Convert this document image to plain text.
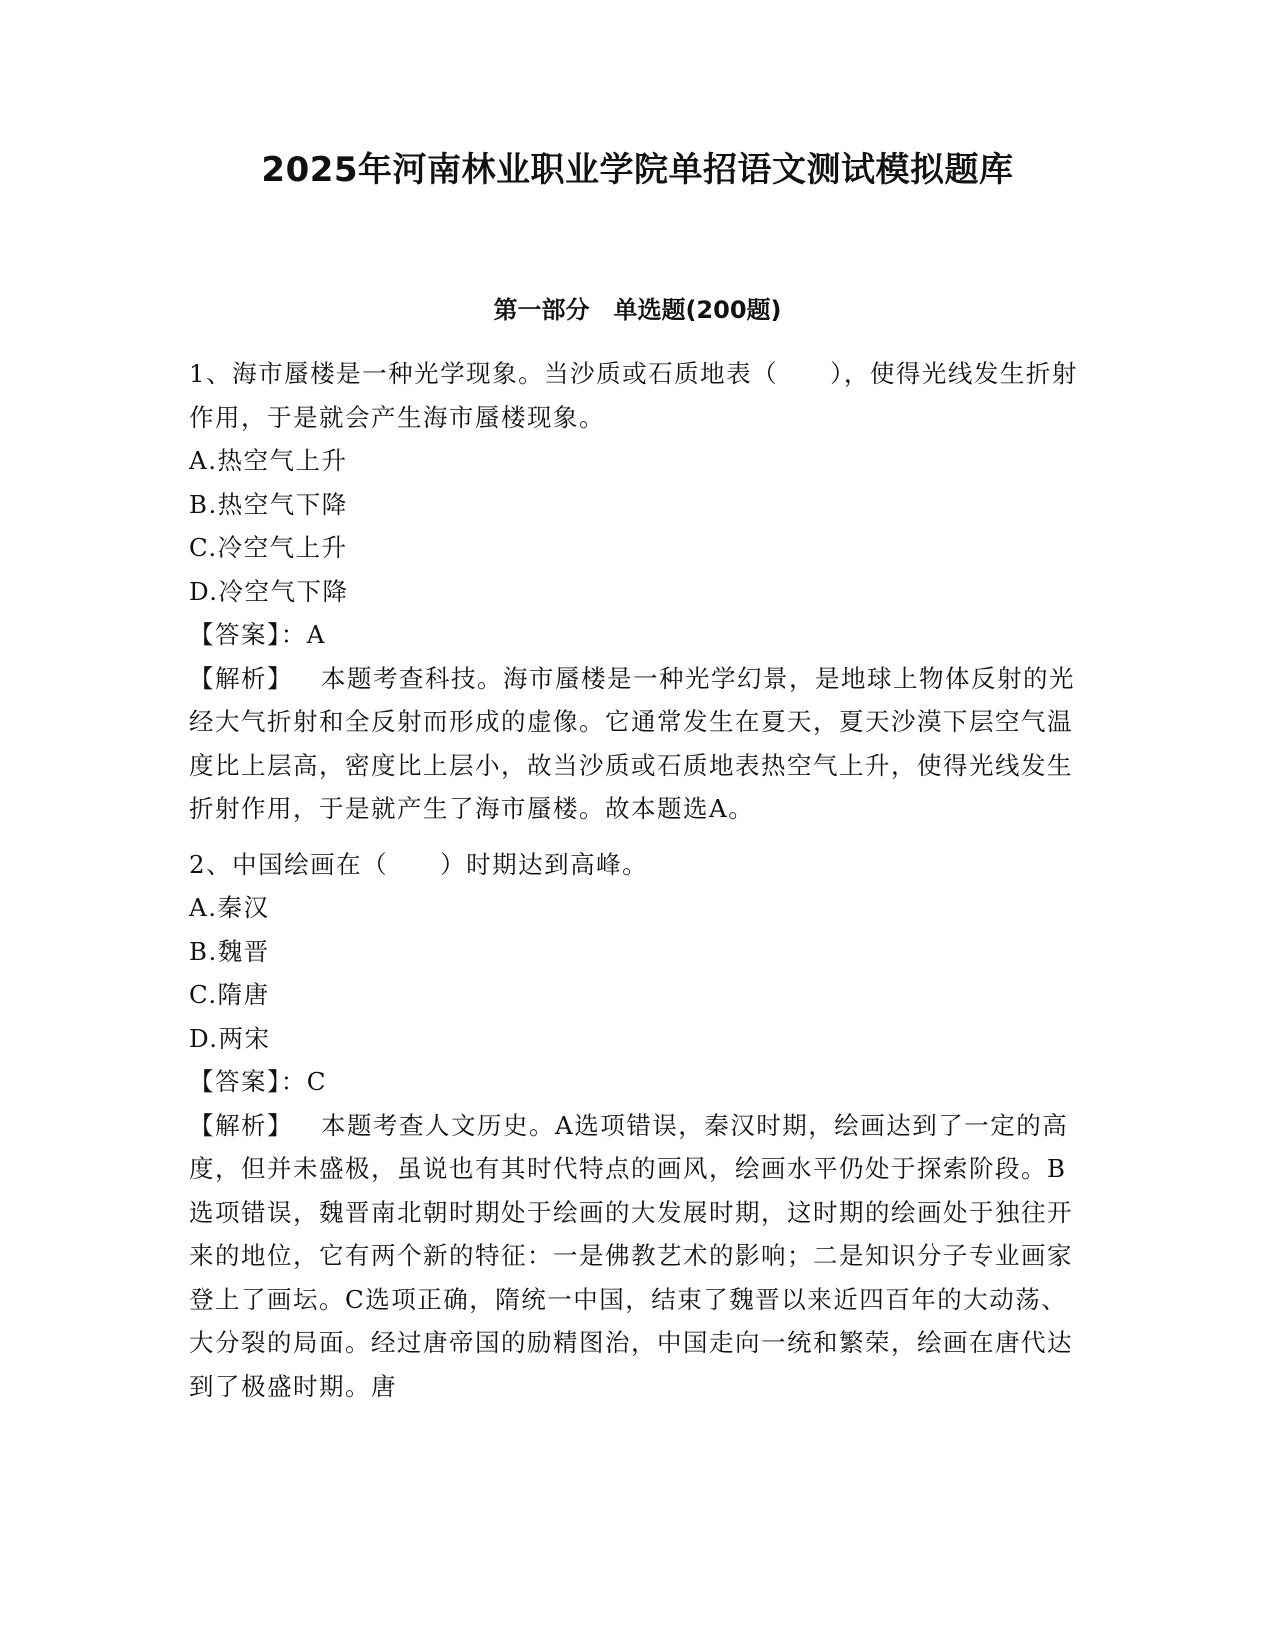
2025年河南林业职业学院单招语文测试模拟题库
第一部分　单选题(200题)

1、海市蜃楼是一种光学现象。当沙质或石质地表（　　），使得光线发生折射作用，于是就会产生海市蜃楼现象。

A.热空气上升

B.热空气下降

C.冷空气上升

D.冷空气下降

【答案】：A

【解析】 本题考查科技。海市蜃楼是一种光学幻景，是地球上物体反射的光经大气折射和全反射而形成的虚像。它通常发生在夏天，夏天沙漠下层空气温度比上层高，密度比上层小，故当沙质或石质地表热空气上升，使得光线发生折射作用，于是就产生了海市蜃楼。故本题选A。

2、中国绘画在（　　）时期达到高峰。

A.秦汉

B.魏晋

C.隋唐

D.两宋

【答案】：C

【解析】 本题考查人文历史。A选项错误，秦汉时期，绘画达到了一定的高度，但并未盛极，虽说也有其时代特点的画风，绘画水平仍处于探索阶段。B选项错误，魏晋南北朝时期处于绘画的大发展时期，这时期的绘画处于独往开来的地位，它有两个新的特征：一是佛教艺术的影响；二是知识分子专业画家登上了画坛。C选项正确，隋统一中国，结束了魏晋以来近四百年的大动荡、大分裂的局面。经过唐帝国的励精图治，中国走向一统和繁荣，绘画在唐代达到了极盛时期。唐
